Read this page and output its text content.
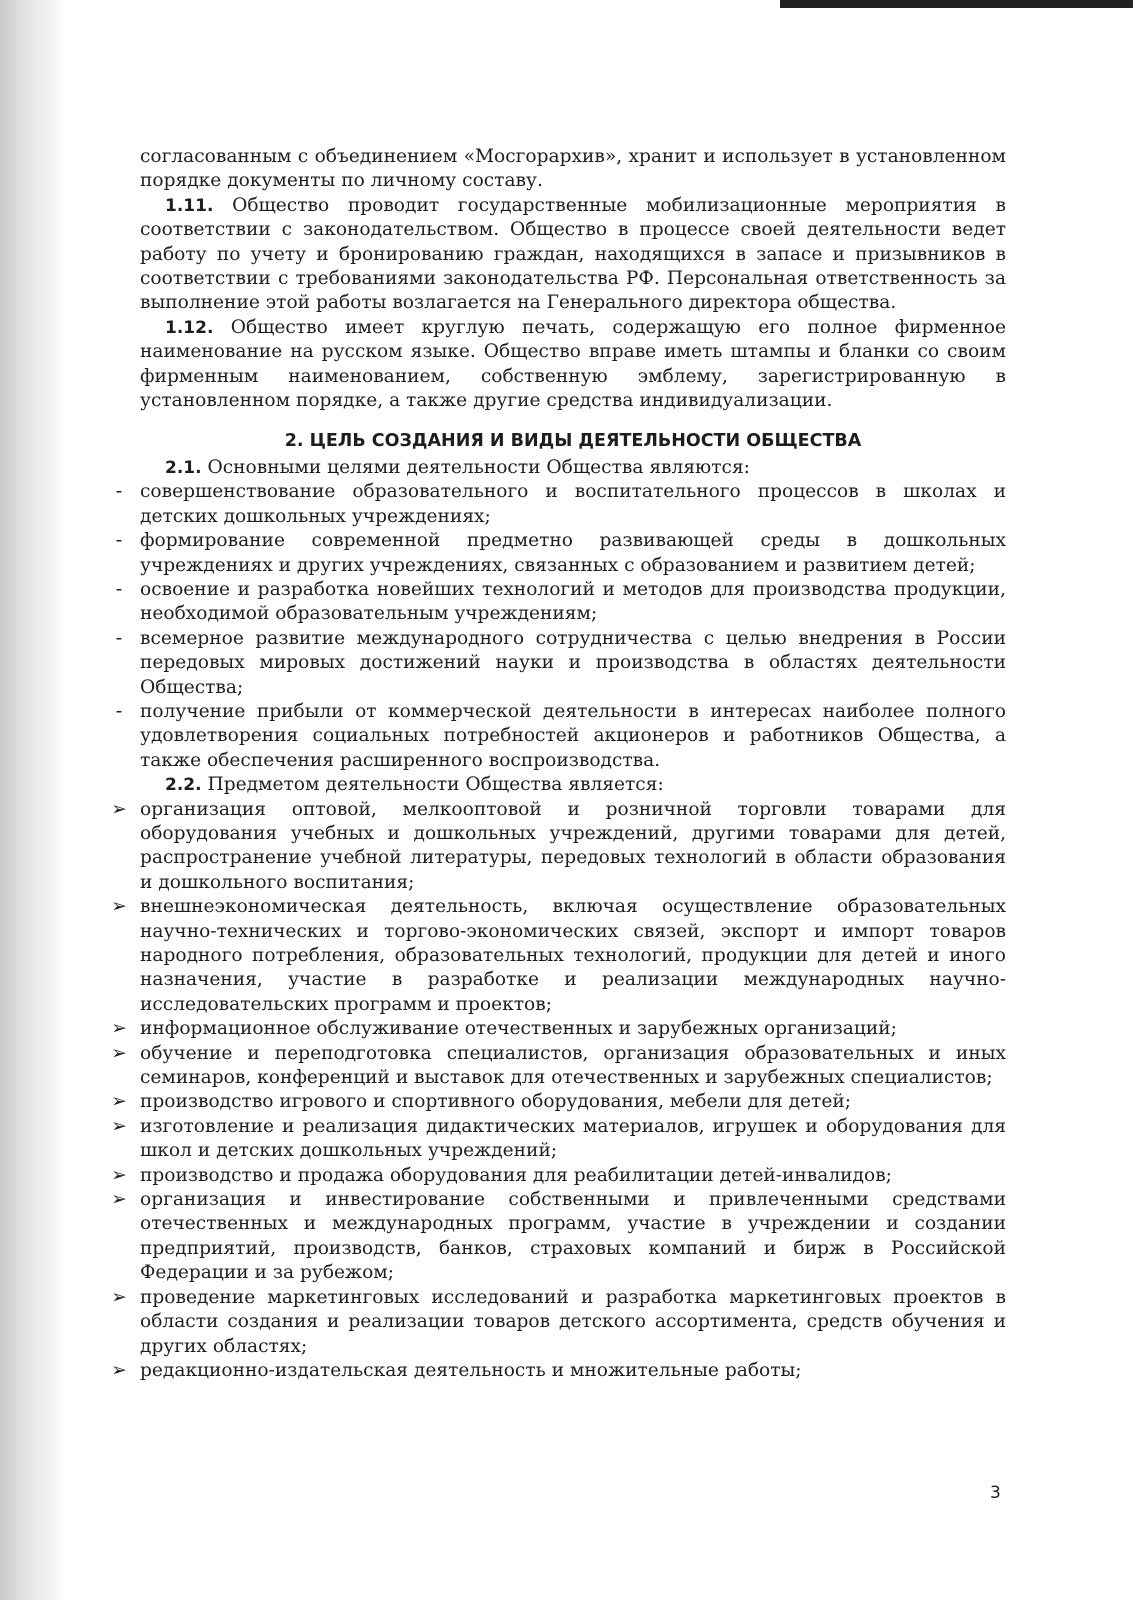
согласованным с объединением «Мосгорархив», хранит и использует в установленном порядке документы по личному составу.

1.11. Общество проводит государственные мобилизационные мероприятия в соответствии с законодательством. Общество в процессе своей деятельности ведет работу по учету и бронированию граждан, находящихся в запасе и призывников в соответствии с требованиями законодательства РФ. Персональная ответственность за выполнение этой работы возлагается на Генерального директора общества.

1.12. Общество имеет круглую печать, содержащую его полное фирменное наименование на русском языке. Общество вправе иметь штампы и бланки со своим фирменным наименованием, собственную эмблему, зарегистрированную в установленном порядке, а также другие средства индивидуализации.

2. ЦЕЛЬ СОЗДАНИЯ И ВИДЫ ДЕЯТЕЛЬНОСТИ ОБЩЕСТВА

2.1. Основными целями деятельности Общества являются:

- совершенствование образовательного и воспитательного процессов в школах и детских дошкольных учреждениях;
- формирование современной предметно развивающей среды в дошкольных учреждениях и других учреждениях, связанных с образованием и развитием детей;
- освоение и разработка новейших технологий и методов для производства продукции, необходимой образовательным учреждениям;
- всемерное развитие международного сотрудничества с целью внедрения в России передовых мировых достижений науки и производства в областях деятельности Общества;
- получение прибыли от коммерческой деятельности в интересах наиболее полного удовлетворения социальных потребностей акционеров и работников Общества, а также обеспечения расширенного воспроизводства.

2.2. Предметом деятельности Общества является:

➢ организация оптовой, мелкооптовой и розничной торговли товарами для оборудования учебных и дошкольных учреждений, другими товарами для детей, распространение учебной литературы, передовых технологий в области образования и дошкольного воспитания;
➢ внешнеэкономическая деятельность, включая осуществление образовательных научно-технических и торгово-экономических связей, экспорт и импорт товаров народного потребления, образовательных технологий, продукции для детей и иного назначения, участие в разработке и реализации международных научно-исследовательских программ и проектов;
➢ информационное обслуживание отечественных и зарубежных организаций;
➢ обучение и переподготовка специалистов, организация образовательных и иных семинаров, конференций и выставок для отечественных и зарубежных специалистов;
➢ производство игрового и спортивного оборудования, мебели для детей;
➢ изготовление и реализация дидактических материалов, игрушек и оборудования для школ и детских дошкольных учреждений;
➢ производство и продажа оборудования для реабилитации детей-инвалидов;
➢ организация и инвестирование собственными и привлеченными средствами отечественных и международных программ, участие в учреждении и создании предприятий, производств, банков, страховых компаний и бирж в Российской Федерации и за рубежом;
➢ проведение маркетинговых исследований и разработка маркетинговых проектов в области создания и реализации товаров детского ассортимента, средств обучения и других областях;
➢ редакционно-издательская деятельность и множительные работы;
3
